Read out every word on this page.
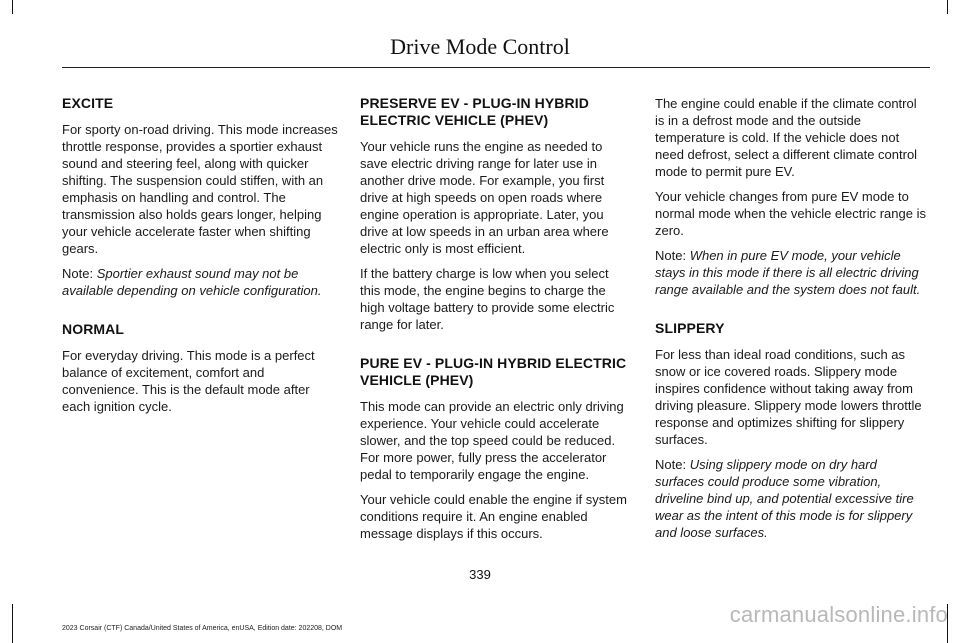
Drive Mode Control
EXCITE

For sporty on-road driving. This mode increases throttle response, provides a sportier exhaust sound and steering feel, along with quicker shifting. The suspension could stiffen, with an emphasis on handling and control. The transmission also holds gears longer, helping your vehicle accelerate faster when shifting gears.

Note: Sportier exhaust sound may not be available depending on vehicle configuration.

NORMAL

For everyday driving. This mode is a perfect balance of excitement, comfort and convenience. This is the default mode after each ignition cycle.

PRESERVE EV - PLUG-IN HYBRID ELECTRIC VEHICLE (PHEV)

Your vehicle runs the engine as needed to save electric driving range for later use in another drive mode. For example, you first drive at high speeds on open roads where engine operation is appropriate. Later, you drive at low speeds in an urban area where electric only is most efficient.

If the battery charge is low when you select this mode, the engine begins to charge the high voltage battery to provide some electric range for later.

PURE EV - PLUG-IN HYBRID ELECTRIC VEHICLE (PHEV)

This mode can provide an electric only driving experience. Your vehicle could accelerate slower, and the top speed could be reduced. For more power, fully press the accelerator pedal to temporarily engage the engine.

Your vehicle could enable the engine if system conditions require it. An engine enabled message displays if this occurs.

The engine could enable if the climate control is in a defrost mode and the outside temperature is cold. If the vehicle does not need defrost, select a different climate control mode to permit pure EV.

Your vehicle changes from pure EV mode to normal mode when the vehicle electric range is zero.

Note: When in pure EV mode, your vehicle stays in this mode if there is all electric driving range available and the system does not fault.

SLIPPERY

For less than ideal road conditions, such as snow or ice covered roads. Slippery mode inspires confidence without taking away from driving pleasure. Slippery mode lowers throttle response and optimizes shifting for slippery surfaces.

Note: Using slippery mode on dry hard surfaces could produce some vibration, driveline bind up, and potential excessive tire wear as the intent of this mode is for slippery and loose surfaces.

339

2023 Corsair (CTF) Canada/United States of America, enUSA, Edition date: 202208, DOM

carmanualsonline.info
